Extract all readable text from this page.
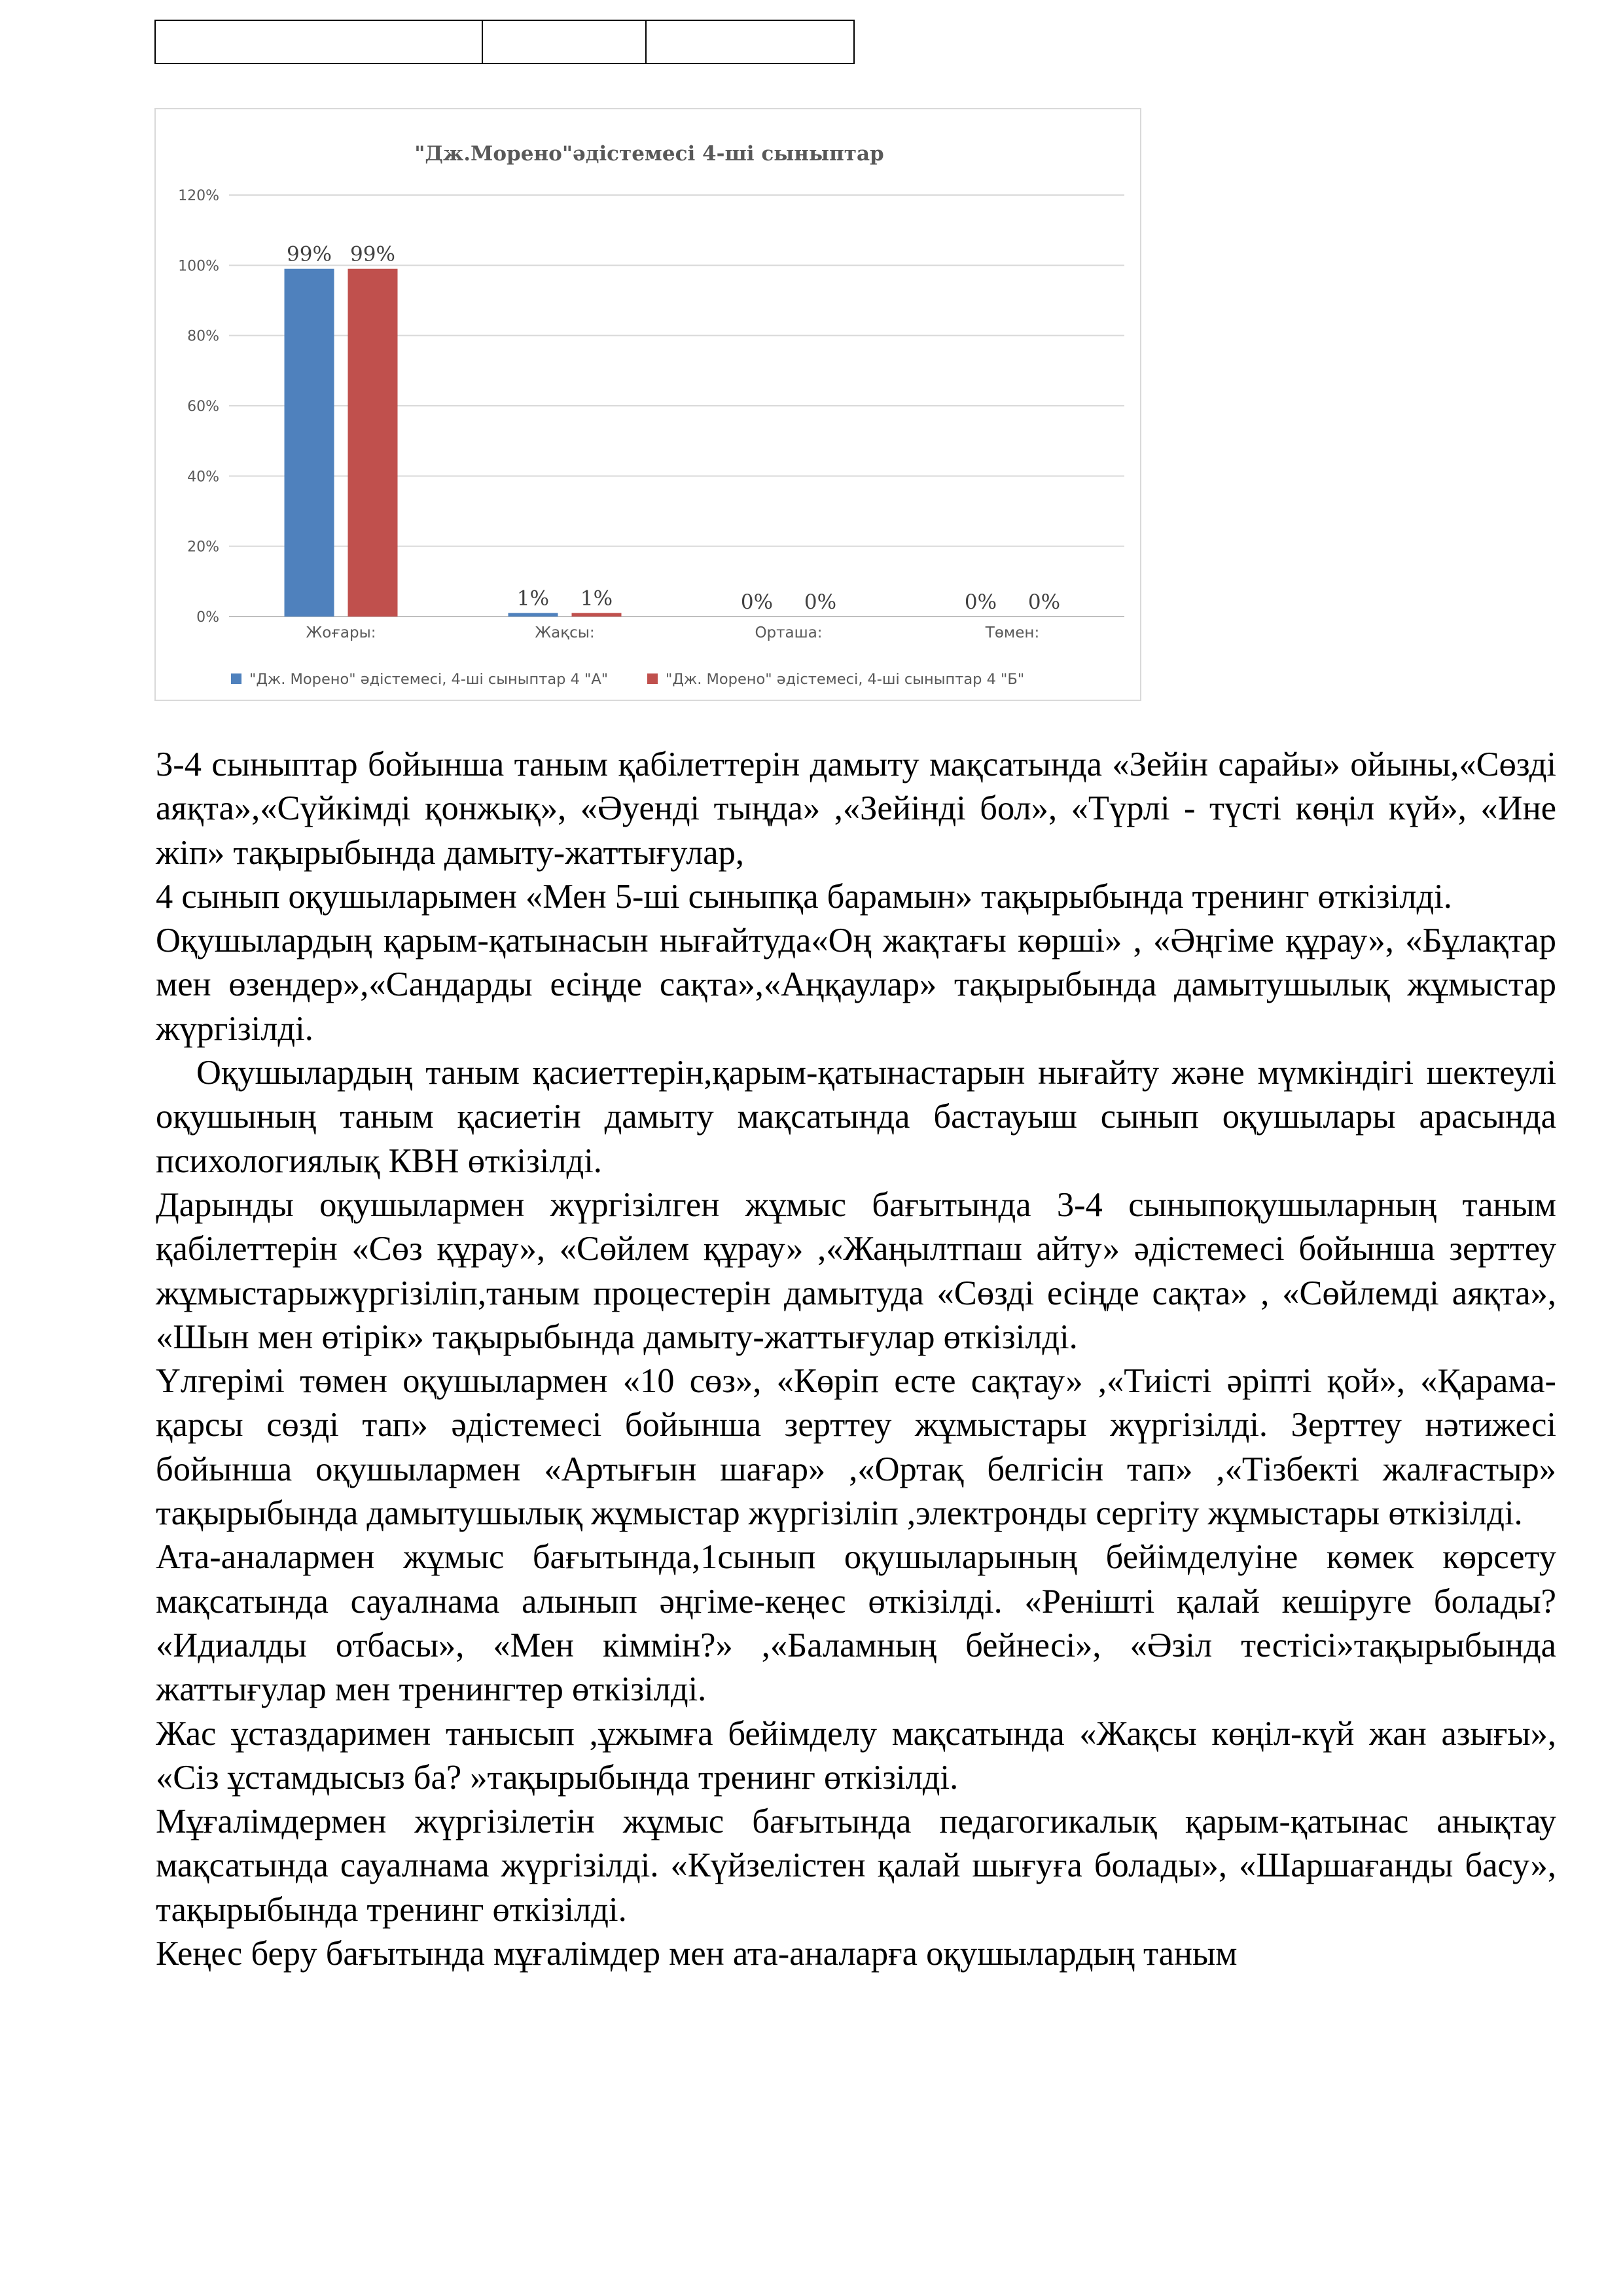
"Дж.Морено"әдістемесі 4-ші сыныптар
0%
20%
40%
60%
80%
100%
120%
99% 99%
Жоғары:
1% 1%
Жақсы:
0% 0%
Орташа:
0% 0%
Төмен:
"Дж. Морено" әдістемесі, 4-ші сыныптар 4 "А"	"Дж. Морено" әдістемесі, 4-ші сыныптар 4 "Б"

3-4 сыныптар бойынша таным қабілеттерін дамыту мақсатында «Зейін сарайы» ойыны,«Сөзді аяқта»,«Сүйкімді қонжық», «Әуенді тыңда» ,«Зейінді бол», «Түрлі - түсті көңіл күй», «Ине жіп» тақырыбында дамыту-жаттығулар,

4 сынып оқушыларымен «Мен 5-ші сыныпқа барамын» тақырыбында тренинг өткізілді.

Оқушылардың қарым-қатынасын нығайтуда«Оң жақтағы көрші» , «Әңгіме құрау», «Бұлақтар мен өзендер»,«Сандарды есіңде сақта»,«Аңқаулар» тақырыбында дамытушылық жұмыстар жүргізілді.

Оқушылардың таным қасиеттерін,қарым-қатынастарын нығайту және мүмкіндігі шектеулі оқушының таным қасиетін дамыту мақсатында бастауыш сынып оқушылары арасында психологиялық КВН өткізілді.

Дарынды оқушылармен жүргізілген жұмыс бағытында 3-4 сыныпоқушыларның таным қабілеттерін «Сөз құрау», «Сөйлем құрау» ,«Жаңылтпаш айту» әдістемесі бойынша зерттеу жұмыстарыжүргізіліп,таным процестерін дамытуда «Сөзді есіңде сақта» , «Сөйлемді аяқта», «Шын мен өтірік» тақырыбында дамыту-жаттығулар өткізілді.

Үлгерімі төмен оқушылармен «10 сөз», «Көріп есте сақтау» ,«Тиісті әріпті қой», «Қарама-қарсы сөзді тап» әдістемесі бойынша зерттеу жұмыстары жүргізілді. Зерттеу нәтижесі бойынша оқушылармен «Артығын шағар» ,«Ортақ белгісін тап» ,«Тізбекті жалғастыр» тақырыбында дамытушылық жұмыстар жүргізіліп ,электронды сергіту жұмыстары өткізілді.

Ата-аналармен жұмыс бағытында,1сынып оқушыларының бейімделуіне көмек көрсету мақсатында сауалнама алынып әңгіме-кеңес өткізілді. «Ренішті қалай кешіруге болады? «Идиалды отбасы», «Мен кіммін?» ,«Баламның бейнесі», «Әзіл тестісі»тақырыбында жаттығулар мен тренингтер өткізілді.

Жас ұстаздаримен танысып ,ұжымға бейімделу мақсатында «Жақсы көңіл-күй жан азығы», «Сіз ұстамдысыз ба? »тақырыбында тренинг өткізілді.

Мұғалімдермен жүргізілетін жұмыс бағытында педагогикалық қарым-қатынас анықтау мақсатында сауалнама жүргізілді. «Күйзелістен қалай шығуға болады», «Шаршағанды басу», тақырыбында тренинг өткізілді.

Кеңес беру бағытында мұғалімдер мен ата-аналарға оқушылардың таным
